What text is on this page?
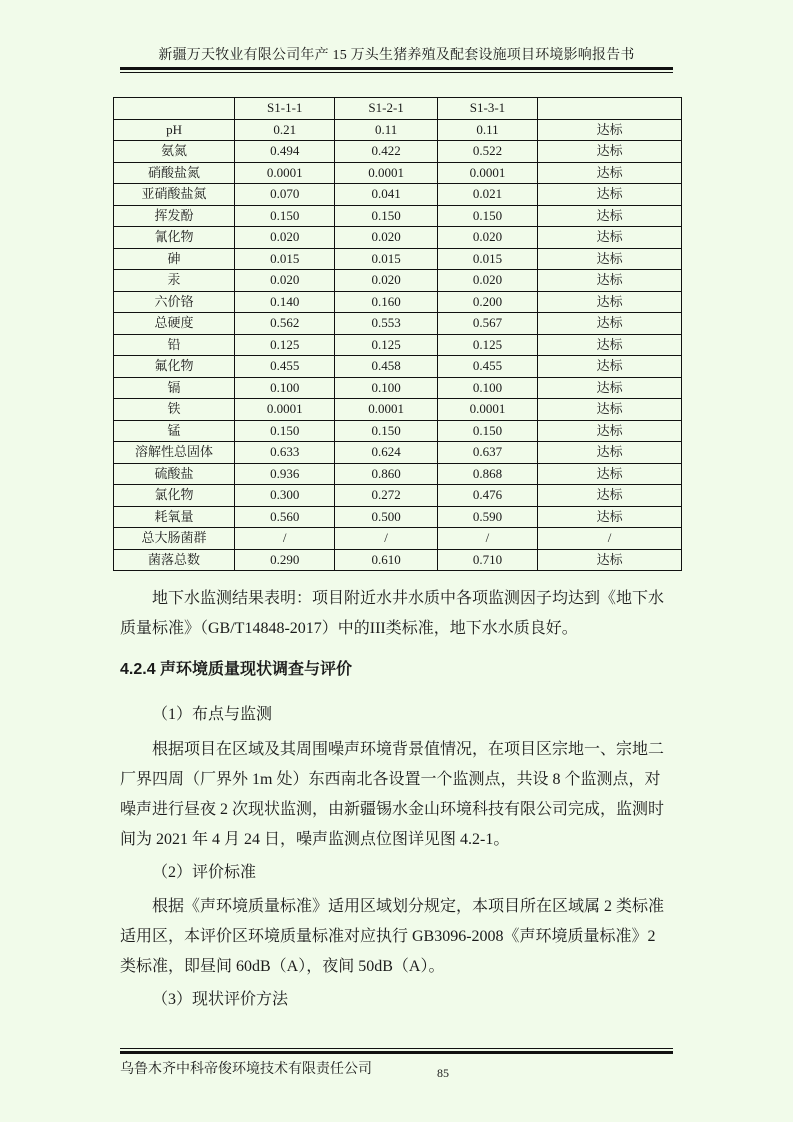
新疆万天牧业有限公司年产 15 万头生猪养殖及配套设施项目环境影响报告书
	S1-1-1	S1-2-1	S1-3-1	
pH	0.21	0.11	0.11	达标
氨氮	0.494	0.422	0.522	达标
硝酸盐氮	0.0001	0.0001	0.0001	达标
亚硝酸盐氮	0.070	0.041	0.021	达标
挥发酚	0.150	0.150	0.150	达标
氰化物	0.020	0.020	0.020	达标
砷	0.015	0.015	0.015	达标
汞	0.020	0.020	0.020	达标
六价铬	0.140	0.160	0.200	达标
总硬度	0.562	0.553	0.567	达标
铅	0.125	0.125	0.125	达标
氟化物	0.455	0.458	0.455	达标
镉	0.100	0.100	0.100	达标
铁	0.0001	0.0001	0.0001	达标
锰	0.150	0.150	0.150	达标
溶解性总固体	0.633	0.624	0.637	达标
硫酸盐	0.936	0.860	0.868	达标
氯化物	0.300	0.272	0.476	达标
耗氧量	0.560	0.500	0.590	达标
总大肠菌群	/	/	/	/
菌落总数	0.290	0.610	0.710	达标

地下水监测结果表明：项目附近水井水质中各项监测因子均达到《地下水质量标准》（GB/T14848-2017）中的III类标准，地下水水质良好。

4.2.4 声环境质量现状调查与评价

（1）布点与监测

根据项目在区域及其周围噪声环境背景值情况，在项目区宗地一、宗地二厂界四周（厂界外 1m 处）东西南北各设置一个监测点，共设 8 个监测点，对噪声进行昼夜 2 次现状监测，由新疆锡水金山环境科技有限公司完成，监测时间为 2021 年 4 月 24 日，噪声监测点位图详见图 4.2-1。

（2）评价标准

根据《声环境质量标准》适用区域划分规定，本项目所在区域属 2 类标准适用区，本评价区环境质量标准对应执行 GB3096-2008《声环境质量标准》2 类标准，即昼间 60dB（A），夜间 50dB（A）。

（3）现状评价方法

乌鲁木齐中科帝俊环境技术有限责任公司	85
